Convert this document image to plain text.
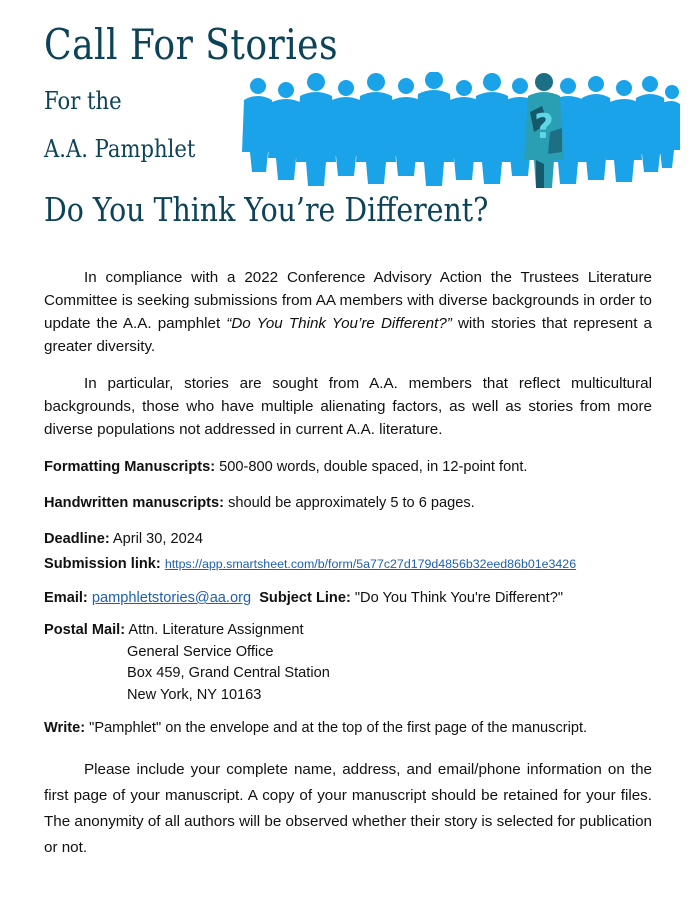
Call For Stories
For the
A.A. Pamphlet
?
Do You Think You’re Different?

In compliance with a 2022 Conference Advisory Action the Trustees Literature Committee is seeking submissions from AA members with diverse backgrounds in order to update the A.A. pamphlet “Do You Think You’re Different?” with stories that represent a greater diversity.

In particular, stories are sought from A.A. members that reflect multicultural backgrounds, those who have multiple alienating factors, as well as stories from more diverse populations not addressed in current A.A. literature.

Formatting Manuscripts: 500-800 words, double spaced, in 12-point font.
Handwritten manuscripts: should be approximately 5 to 6 pages.
Deadline: April 30, 2024
Submission link: https://app.smartsheet.com/b/form/5a77c27d179d4856b32eed86b01e3426
Email: pamphletstories@aa.org Subject Line: "Do You Think You're Different?"
Postal Mail: Attn. Literature Assignment
General Service Office
Box 459, Grand Central Station
New York, NY 10163
Write: "Pamphlet" on the envelope and at the top of the first page of the manuscript.

Please include your complete name, address, and email/phone information on the first page of your manuscript. A copy of your manuscript should be retained for your files. The anonymity of all authors will be observed whether their story is selected for publication or not.
